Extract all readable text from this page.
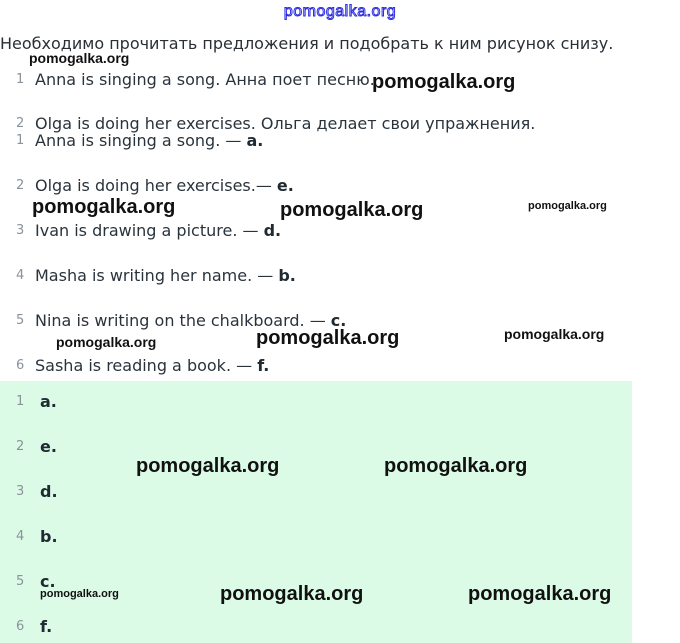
pomogalka.org
Необходимо прочитать предложения и подобрать к ним рисунок снизу.
1 Anna is singing a song. Анна поет песню.
2 Olga is doing her exercises. Ольга делает свои упражнения.
1 Anna is singing a song. — a.
2 Olga is doing her exercises.— e.
3 Ivan is drawing a picture. — d.
4 Masha is writing her name. — b.
5 Nina is writing on the chalkboard. — c.
6 Sasha is reading a book. — f.
1 a.
2 e.
3 d.
4 b.
5 c.
6 f.
pomogalka.org
pomogalka.org
pomogalka.org	pomogalka.org	pomogalka.org
pomogalka.org
pomogalka.org
pomogalka.org
pomogalka.org	pomogalka.org
pomogalka.org	pomogalka.org
pomogalka.org
